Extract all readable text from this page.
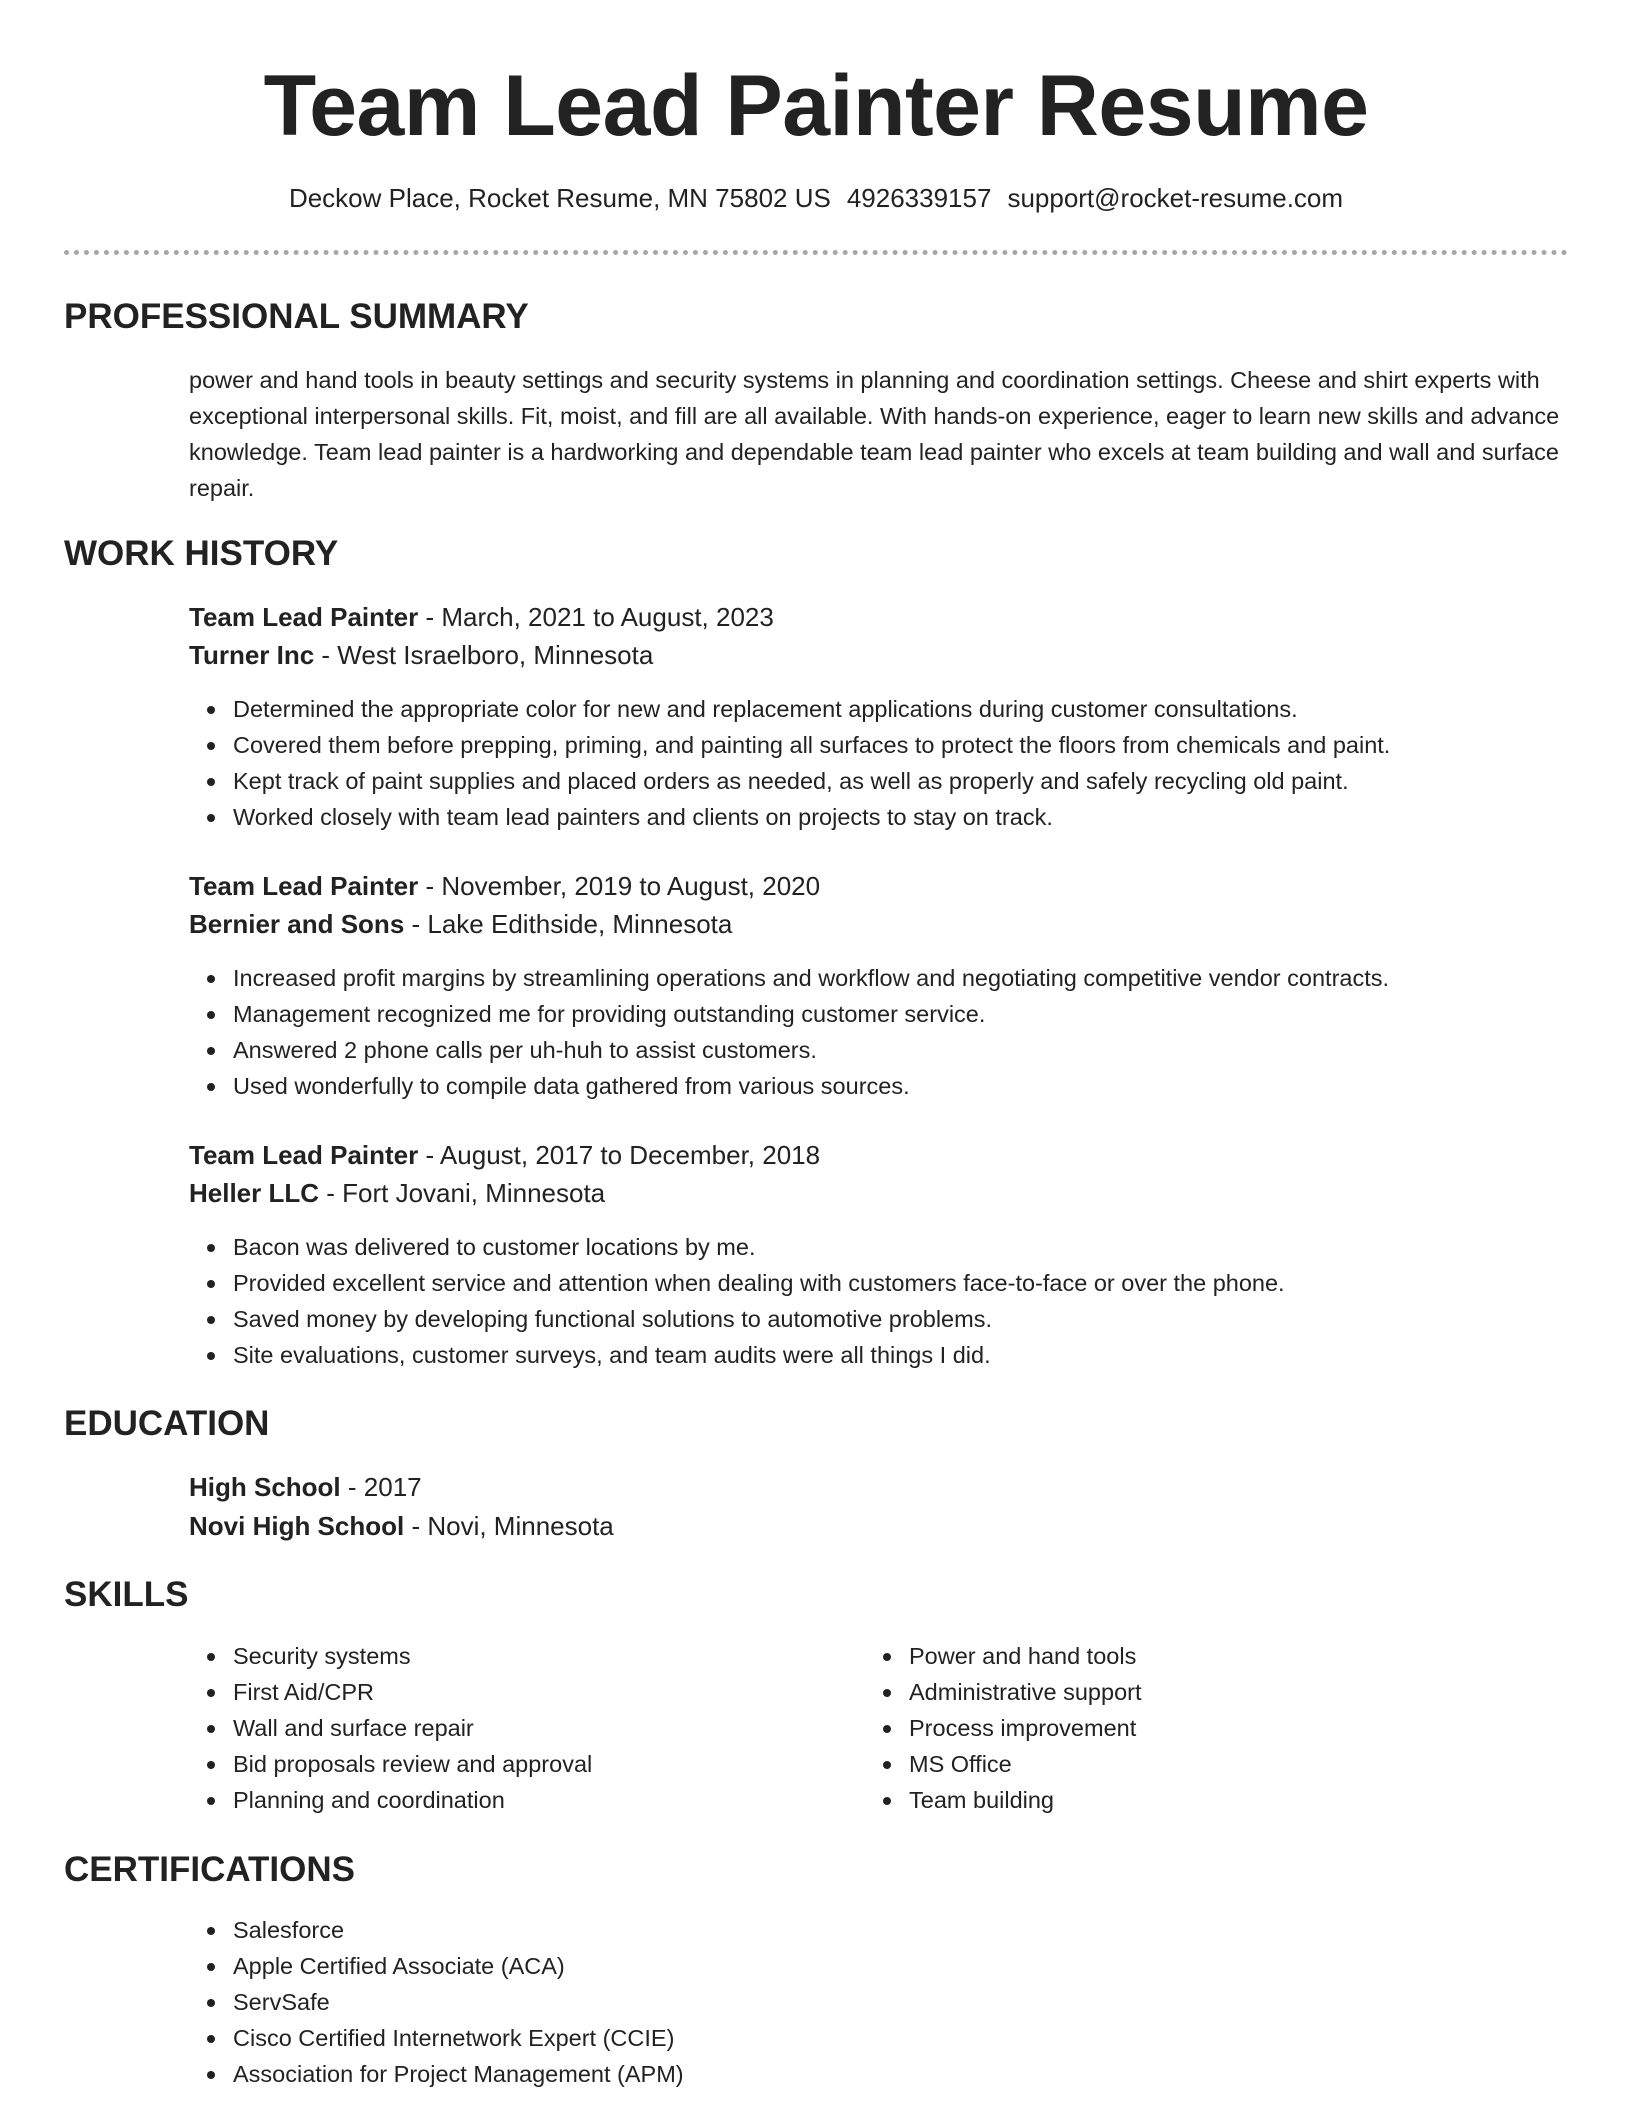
Team Lead Painter Resume
Deckow Place, Rocket Resume, MN 75802 US 4926339157 support@rocket-resume.com
PROFESSIONAL SUMMARY
power and hand tools in beauty settings and security systems in planning and coordination settings. Cheese and shirt experts with exceptional interpersonal skills. Fit, moist, and fill are all available. With hands-on experience, eager to learn new skills and advance knowledge. Team lead painter is a hardworking and dependable team lead painter who excels at team building and wall and surface repair.
WORK HISTORY
Team Lead Painter - March, 2021 to August, 2023
Turner Inc - West Israelboro, Minnesota
Determined the appropriate color for new and replacement applications during customer consultations.
Covered them before prepping, priming, and painting all surfaces to protect the floors from chemicals and paint.
Kept track of paint supplies and placed orders as needed, as well as properly and safely recycling old paint.
Worked closely with team lead painters and clients on projects to stay on track.
Team Lead Painter - November, 2019 to August, 2020
Bernier and Sons - Lake Edithside, Minnesota
Increased profit margins by streamlining operations and workflow and negotiating competitive vendor contracts.
Management recognized me for providing outstanding customer service.
Answered 2 phone calls per uh-huh to assist customers.
Used wonderfully to compile data gathered from various sources.
Team Lead Painter - August, 2017 to December, 2018
Heller LLC - Fort Jovani, Minnesota
Bacon was delivered to customer locations by me.
Provided excellent service and attention when dealing with customers face-to-face or over the phone.
Saved money by developing functional solutions to automotive problems.
Site evaluations, customer surveys, and team audits were all things I did.
EDUCATION
High School - 2017
Novi High School - Novi, Minnesota
SKILLS
Security systems
First Aid/CPR
Wall and surface repair
Bid proposals review and approval
Planning and coordination
Power and hand tools
Administrative support
Process improvement
MS Office
Team building
CERTIFICATIONS
Salesforce
Apple Certified Associate (ACA)
ServSafe
Cisco Certified Internetwork Expert (CCIE)
Association for Project Management (APM)
